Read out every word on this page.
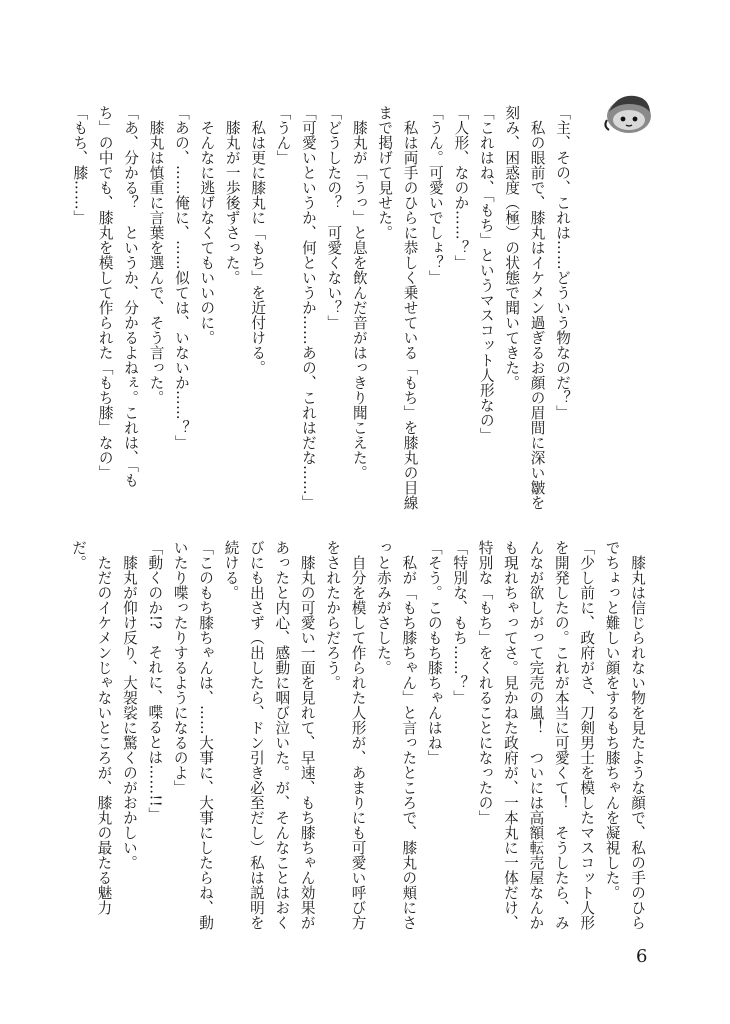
「主、その、これは……どういう物なのだ？」

　私の眼前で、膝丸はイケメン過ぎるお顔の眉間に深い皺を刻み、困惑度（極）の状態で聞いてきた。

「これはね、「もち」というマスコット人形なの」

「人形、なのか……？」

「うん。可愛いでしょ？」

　私は両手のひらに恭しく乗せている「もち」を膝丸の目線まで掲げて見せた。

　膝丸が「うっ」と息を飲んだ音がはっきり聞こえた。

「どうしたの？　可愛くない？」

「可愛いというか、何というか……あの、これはだな……」

「うん」

　私は更に膝丸に「もち」を近付ける。

　膝丸が一歩後ずさった。

　そんなに逃げなくてもいいのに。

「あの、……俺に、……似ては、いないか……？」

　膝丸は慎重に言葉を選んで、そう言った。

「あ、分かる？　というか、分かるよねぇ。これは、「もち」の中でも、膝丸を模して作られた「もち膝」なの」

「もち、膝……」

　膝丸は信じられない物を見たような顔で、私の手のひらでちょっと難しい顔をするもち膝ちゃんを凝視した。

「少し前に、政府がさ、刀剣男士を模したマスコット人形を開発したの。これが本当に可愛くて！　そうしたら、みんなが欲しがって完売の嵐！　ついには高額転売屋なんかも現れちゃってさ。見かねた政府が、一本丸に一体だけ、特別な「もち」をくれることになったの」

「特別な、もち……？」

「そう。このもち膝ちゃんはね」

　私が「もち膝ちゃん」と言ったところで、膝丸の頬にさっと赤みがさした。

　自分を模して作られた人形が、あまりにも可愛い呼び方をされたからだろう。

　膝丸の可愛い一面を見れて、早速、もち膝ちゃん効果があったと内心、感動に咽び泣いた。が、そんなことはおくびにも出さず（出したら、ドン引き必至だし）私は説明を続ける。

「このもち膝ちゃんは、……大事に、大事にしたらね、動いたり喋ったりするようになるのよ」

「動くのか!?　それに、喋るとは……!!」

　膝丸が仰け反り、大袈裟に驚くのがおかしい。

　ただのイケメンじゃないところが、膝丸の最たる魅力だ。

6
